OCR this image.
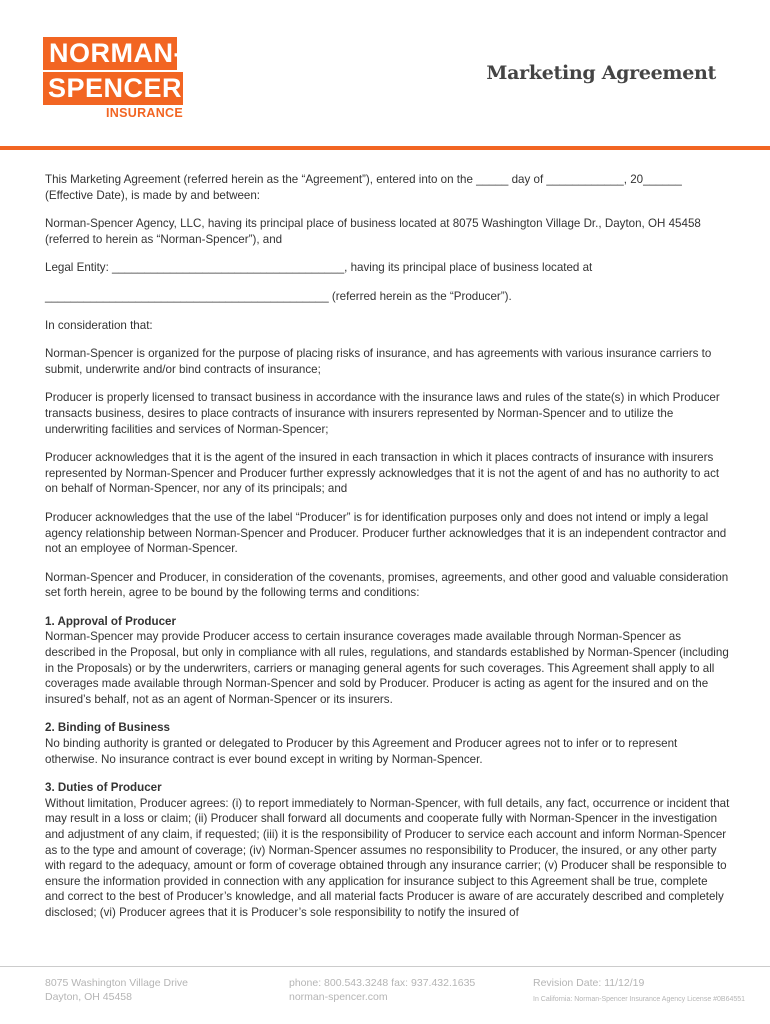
NORMAN-
SPENCER
INSURANCE
Marketing Agreement

This Marketing Agreement (referred herein as the “Agreement”), entered into on the _____ day of ____________, 20______ (Effective Date), is made by and between:

Norman-Spencer Agency, LLC, having its principal place of business located at 8075 Washington Village Dr., Dayton, OH 45458 (referred to herein as “Norman-Spencer”), and

Legal Entity: ____________________________________, having its principal place of business located at

____________________________________________ (referred herein as the “Producer”).

In consideration that:

Norman-Spencer is organized for the purpose of placing risks of insurance, and has agreements with various insurance carriers to submit, underwrite and/or bind contracts of insurance;

Producer is properly licensed to transact business in accordance with the insurance laws and rules of the state(s) in which Producer transacts business, desires to place contracts of insurance with insurers represented by Norman-Spencer and to utilize the underwriting facilities and services of Norman-Spencer;

Producer acknowledges that it is the agent of the insured in each transaction in which it places contracts of insurance with insurers represented by Norman-Spencer and Producer further expressly acknowledges that it is not the agent of and has no authority to act on behalf of Norman-Spencer, nor any of its principals; and

Producer acknowledges that the use of the label “Producer” is for identification purposes only and does not intend or imply a legal agency relationship between Norman-Spencer and Producer. Producer further acknowledges that it is an independent contractor and not an employee of Norman-Spencer.

Norman-Spencer and Producer, in consideration of the covenants, promises, agreements, and other good and valuable consideration set forth herein, agree to be bound by the following terms and conditions:

1. Approval of Producer

Norman-Spencer may provide Producer access to certain insurance coverages made available through Norman-Spencer as described in the Proposal, but only in compliance with all rules, regulations, and standards established by Norman-Spencer (including in the Proposals) or by the underwriters, carriers or managing general agents for such coverages. This Agreement shall apply to all coverages made available through Norman-Spencer and sold by Producer. Producer is acting as agent for the insured and on the insured’s behalf, not as an agent of Norman-Spencer or its insurers.

2. Binding of Business

No binding authority is granted or delegated to Producer by this Agreement and Producer agrees not to infer or to represent otherwise. No insurance contract is ever bound except in writing by Norman-Spencer.

3. Duties of Producer

Without limitation, Producer agrees: (i) to report immediately to Norman-Spencer, with full details, any fact, occurrence or incident that may result in a loss or claim; (ii) Producer shall forward all documents and cooperate fully with Norman-Spencer in the investigation and adjustment of any claim, if requested; (iii) it is the responsibility of Producer to service each account and inform Norman-Spencer as to the type and amount of coverage; (iv) Norman-Spencer assumes no responsibility to Producer, the insured, or any other party with regard to the adequacy, amount or form of coverage obtained through any insurance carrier; (v) Producer shall be responsible to ensure the information provided in connection with any application for insurance subject to this Agreement shall be true, complete and correct to the best of Producer’s knowledge, and all material facts Producer is aware of are accurately described and completely disclosed; (vi) Producer agrees that it is Producer’s sole responsibility to notify the insured of

8075 Washington Village Drive
Dayton, OH 45458
phone: 800.543.3248 fax: 937.432.1635
norman-spencer.com
Revision Date: 11/12/19
In California: Norman-Spencer Insurance Agency License #0B64551
